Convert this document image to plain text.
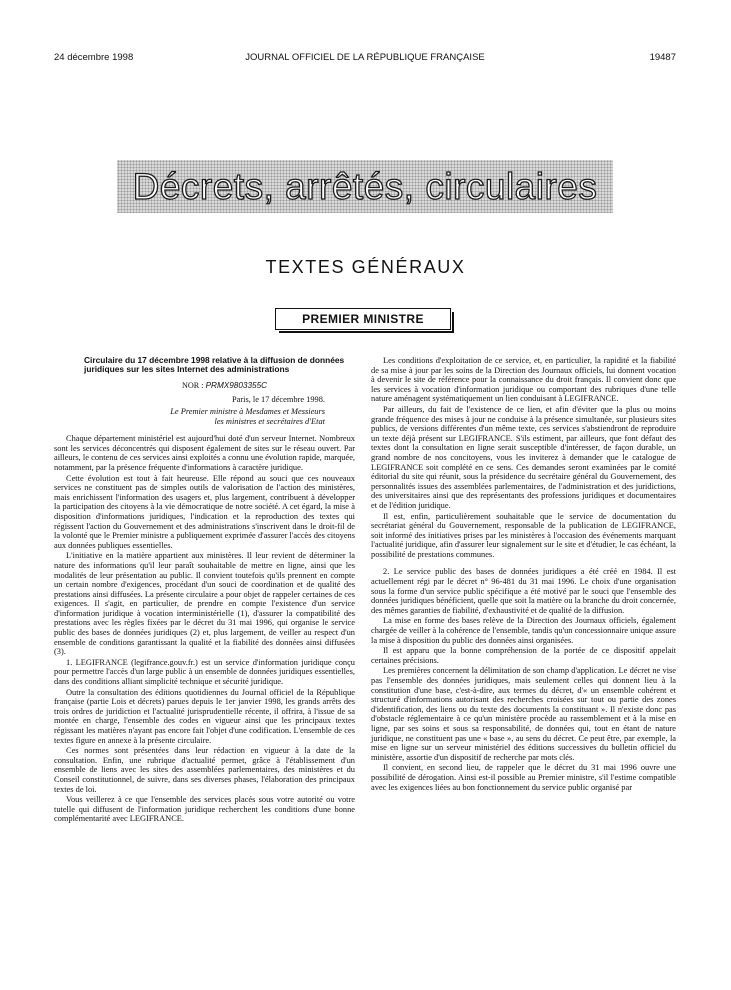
24 décembre 1998	JOURNAL OFFICIEL DE LA RÉPUBLIQUE FRANÇAISE	19487
Décrets, arrêtés, circulaires
TEXTES GÉNÉRAUX
PREMIER MINISTRE
Circulaire du 17 décembre 1998 relative à la diffusion de données juridiques sur les sites Internet des administrations
NOR : PRMX9803355C
Paris, le 17 décembre 1998.
Le Premier ministre à Mesdames et Messieurs
les ministres et secrétaires d'Etat

Chaque département ministériel est aujourd'hui doté d'un serveur Internet. Nombreux sont les services déconcentrés qui disposent également de sites sur le réseau ouvert. Par ailleurs, le contenu de ces services ainsi exploités a connu une évolution rapide, marquée, notamment, par la présence fréquente d'informations à caractère juridique.

Cette évolution est tout à fait heureuse. Elle répond au souci que ces nouveaux services ne constituent pas de simples outils de valorisation de l'action des ministères, mais enrichissent l'information des usagers et, plus largement, contribuent à développer la participation des citoyens à la vie démocratique de notre société. A cet égard, la mise à disposition d'informations juridiques, l'indication et la reproduction des textes qui régissent l'action du Gouvernement et des administrations s'inscrivent dans le droit-fil de la volonté que le Premier ministre a publiquement exprimée d'assurer l'accès des citoyens aux données publiques essentielles.

L'initiative en la matière appartient aux ministères. Il leur revient de déterminer la nature des informations qu'il leur paraît souhaitable de mettre en ligne, ainsi que les modalités de leur présentation au public. Il convient toutefois qu'ils prennent en compte un certain nombre d'exigences, procédant d'un souci de coordination et de qualité des prestations ainsi diffusées. La présente circulaire a pour objet de rappeler certaines de ces exigences. Il s'agit, en particulier, de prendre en compte l'existence d'un service d'information juridique à vocation interministérielle (1), d'assurer la compatibilité des prestations avec les règles fixées par le décret du 31 mai 1996, qui organise le service public des bases de données juridiques (2) et, plus largement, de veiller au respect d'un ensemble de conditions garantissant la qualité et la fiabilité des données ainsi diffusées (3).

1. LEGIFRANCE (legifrance.gouv.fr.) est un service d'information juridique conçu pour permettre l'accès d'un large public à un ensemble de données juridiques essentielles, dans des conditions alliant simplicité technique et sécurité juridique.

Outre la consultation des éditions quotidiennes du Journal officiel de la République française (partie Lois et décrets) parues depuis le 1er janvier 1998, les grands arrêts des trois ordres de juridiction et l'actualité jurisprudentielle récente, il offrira, à l'issue de sa montée en charge, l'ensemble des codes en vigueur ainsi que les principaux textes régissant les matières n'ayant pas encore fait l'objet d'une codification. L'ensemble de ces textes figure en annexe à la présente circulaire.

Ces normes sont présentées dans leur rédaction en vigueur à la date de la consultation. Enfin, une rubrique d'actualité permet, grâce à l'établissement d'un ensemble de liens avec les sites des assemblées parlementaires, des ministères et du Conseil constitutionnel, de suivre, dans ses diverses phases, l'élaboration des principaux textes de loi.

Vous veillerez à ce que l'ensemble des services placés sous votre autorité ou votre tutelle qui diffusent de l'information juridique recherchent les conditions d'une bonne complémentarité avec LEGIFRANCE.

Les conditions d'exploitation de ce service, et, en particulier, la rapidité et la fiabilité de sa mise à jour par les soins de la Direction des Journaux officiels, lui donnent vocation à devenir le site de référence pour la connaissance du droit français. Il convient donc que les services à vocation d'information juridique ou comportant des rubriques d'une telle nature aménagent systématiquement un lien conduisant à LEGIFRANCE.

Par ailleurs, du fait de l'existence de ce lien, et afin d'éviter que la plus ou moins grande fréquence des mises à jour ne conduise à la présence simultanée, sur plusieurs sites publics, de versions différentes d'un même texte, ces services s'abstiendront de reproduire un texte déjà présent sur LEGIFRANCE. S'ils estiment, par ailleurs, que font défaut des textes dont la consultation en ligne serait susceptible d'intéresser, de façon durable, un grand nombre de nos concitoyens, vous les inviterez à demander que le catalogue de LEGIFRANCE soit complété en ce sens. Ces demandes seront examinées par le comité éditorial du site qui réunit, sous la présidence du secrétaire général du Gouvernement, des personnalités issues des assemblées parlementaires, de l'administration et des juridictions, des universitaires ainsi que des représentants des professions juridiques et documentaires et de l'édition juridique.

Il est, enfin, particulièrement souhaitable que le service de documentation du secrétariat général du Gouvernement, responsable de la publication de LEGIFRANCE, soit informé des initiatives prises par les ministères à l'occasion des événements marquant l'actualité juridique, afin d'assurer leur signalement sur le site et d'étudier, le cas échéant, la possibilité de prestations communes.

2. Le service public des bases de données juridiques a été créé en 1984. Il est actuellement régi par le décret n° 96-481 du 31 mai 1996. Le choix d'une organisation sous la forme d'un service public spécifique a été motivé par le souci que l'ensemble des données juridiques bénéficient, quelle que soit la matière ou la branche du droit concernée, des mêmes garanties de fiabilité, d'exhaustivité et de qualité de la diffusion.

La mise en forme des bases relève de la Direction des Journaux officiels, également chargée de veiller à la cohérence de l'ensemble, tandis qu'un concessionnaire unique assure la mise à disposition du public des données ainsi organisées.

Il est apparu que la bonne compréhension de la portée de ce dispositif appelait certaines précisions.

Les premières concernent la délimitation de son champ d'application. Le décret ne vise pas l'ensemble des données juridiques, mais seulement celles qui donnent lieu à la constitution d'une base, c'est-à-dire, aux termes du décret, d'« un ensemble cohérent et structuré d'informations autorisant des recherches croisées sur tout ou partie des zones d'identification, des liens ou du texte des documents la constituant ». Il n'existe donc pas d'obstacle réglementaire à ce qu'un ministère procède au rassemblement et à la mise en ligne, par ses soins et sous sa responsabilité, de données qui, tout en étant de nature juridique, ne constituent pas une « base », au sens du décret. Ce peut être, par exemple, la mise en ligne sur un serveur ministériel des éditions successives du bulletin officiel du ministère, assortie d'un dispositif de recherche par mots clés.

Il convient, en second lieu, de rappeler que le décret du 31 mai 1996 ouvre une possibilité de dérogation. Ainsi est-il possible au Premier ministre, s'il l'estime compatible avec les exigences liées au bon fonctionnement du service public organisé par
